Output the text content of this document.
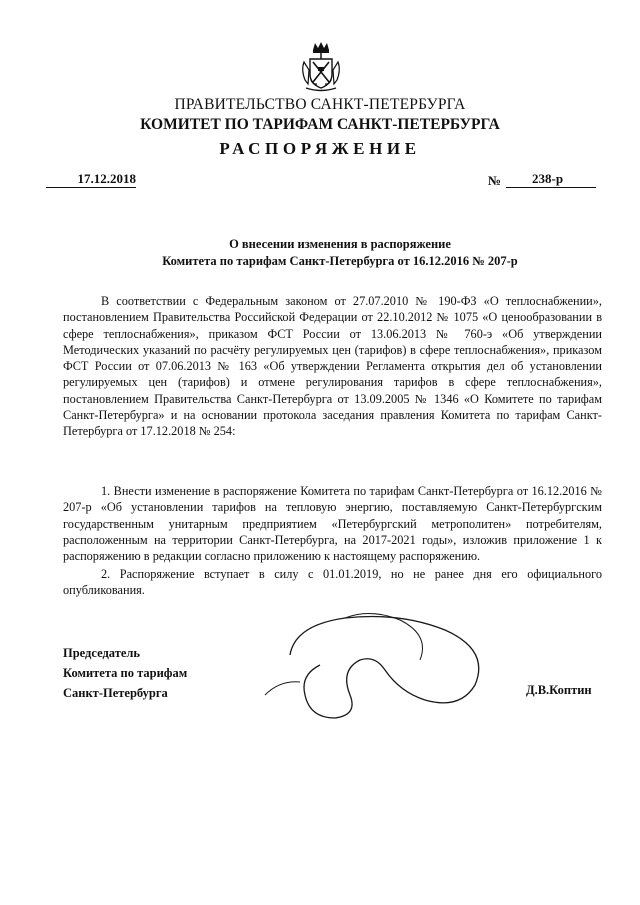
ПРАВИТЕЛЬСТВО САНКТ-ПЕТЕРБУРГА
КОМИТЕТ ПО ТАРИФАМ САНКТ-ПЕТЕРБУРГА
РАСПОРЯЖЕНИЕ
17.12.2018	№	238-р
О внесении изменения в распоряжение
Комитета по тарифам Санкт-Петербурга от 16.12.2016 № 207-р

В соответствии с Федеральным законом от 27.07.2010 № 190-ФЗ «О теплоснабжении», постановлением Правительства Российской Федерации от 22.10.2012 № 1075 «О ценообразовании в сфере теплоснабжения», приказом ФСТ России от 13.06.2013 № 760-э «Об утверждении Методических указаний по расчёту регулируемых цен (тарифов) в сфере теплоснабжения», приказом ФСТ России от 07.06.2013 № 163 «Об утверждении Регламента открытия дел об установлении регулируемых цен (тарифов) и отмене регулирования тарифов в сфере теплоснабжения», постановлением Правительства Санкт-Петербурга от 13.09.2005 № 1346 «О Комитете по тарифам Санкт-Петербурга» и на основании протокола заседания правления Комитета по тарифам Санкт-Петербурга от 17.12.2018 № 254:

1. Внести изменение в распоряжение Комитета по тарифам Санкт-Петербурга от 16.12.2016 № 207-р «Об установлении тарифов на тепловую энергию, поставляемую Санкт-Петербургским государственным унитарным предприятием «Петербургский метрополитен» потребителям, расположенным на территории Санкт-Петербурга, на 2017-2021 годы», изложив приложение 1 к распоряжению в редакции согласно приложению к настоящему распоряжению.

2. Распоряжение вступает в силу с 01.01.2019, но не ранее дня его официального опубликования.

Председатель
Комитета по тарифам
Санкт-Петербурга	Д.В.Коптин
